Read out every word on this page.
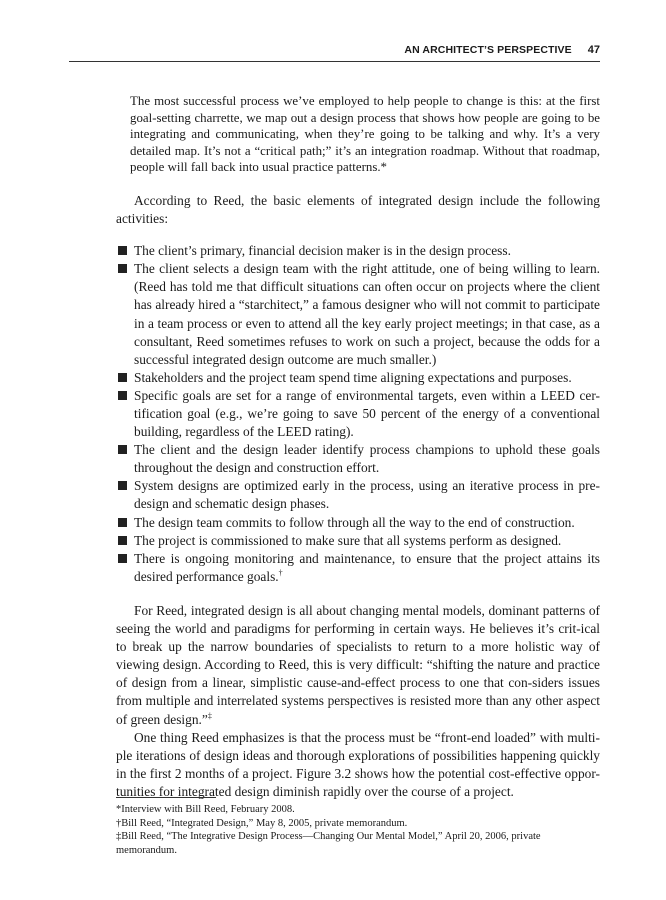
AN ARCHITECT’S PERSPECTIVE 47

The most successful process we’ve employed to help people to change is this: at the first goal-setting charrette, we map out a design process that shows how people are going to be integrating and communicating, when they’re going to be talking and why. It’s a very detailed map. It’s not a “critical path;” it’s an integration roadmap. Without that roadmap, people will fall back into usual practice patterns.*

According to Reed, the basic elements of integrated design include the following activities:

The client’s primary, financial decision maker is in the design process.
The client selects a design team with the right attitude, one of being willing to learn. (Reed has told me that difficult situations can often occur on projects where the client has already hired a “starchitect,” a famous designer who will not commit to participate in a team process or even to attend all the key early project meetings; in that case, as a consultant, Reed sometimes refuses to work on such a project, because the odds for a successful integrated design outcome are much smaller.)
Stakeholders and the project team spend time aligning expectations and purposes.
Specific goals are set for a range of environmental targets, even within a LEED cer-tification goal (e.g., we’re going to save 50 percent of the energy of a conventional building, regardless of the LEED rating).
The client and the design leader identify process champions to uphold these goals throughout the design and construction effort.
System designs are optimized early in the process, using an iterative process in pre-design and schematic design phases.
The design team commits to follow through all the way to the end of construction.
The project is commissioned to make sure that all systems perform as designed.
There is ongoing monitoring and maintenance, to ensure that the project attains its desired performance goals.†

For Reed, integrated design is all about changing mental models, dominant patterns of seeing the world and paradigms for performing in certain ways. He believes it’s crit-ical to break up the narrow boundaries of specialists to return to a more holistic way of viewing design. According to Reed, this is very difficult: “shifting the nature and practice of design from a linear, simplistic cause-and-effect process to one that con-siders issues from multiple and interrelated systems perspectives is resisted more than any other aspect of green design.”‡

One thing Reed emphasizes is that the process must be “front-end loaded” with multi-ple iterations of design ideas and thorough explorations of possibilities happening quickly in the first 2 months of a project. Figure 3.2 shows how the potential cost-effective oppor-tunities for integrated design diminish rapidly over the course of a project.

*Interview with Bill Reed, February 2008.
†Bill Reed, “Integrated Design,” May 8, 2005, private memorandum.
‡Bill Reed, “The Integrative Design Process—Changing Our Mental Model,” April 20, 2006, private memorandum.
